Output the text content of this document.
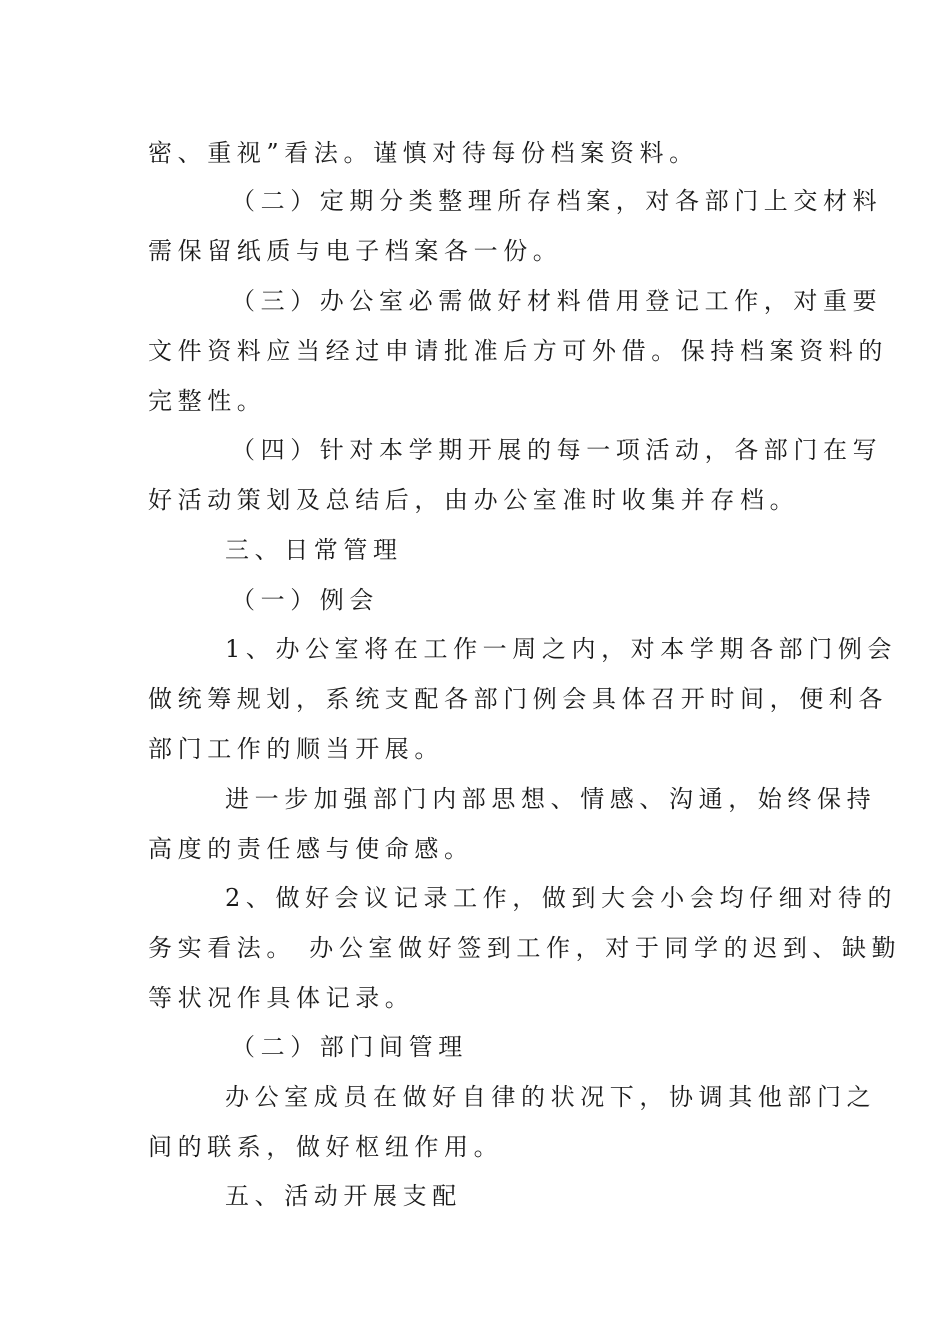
密、重视”看法。谨慎对待每份档案资料。
（二）定期分类整理所存档案，对各部门上交材料
需保留纸质与电子档案各一份。
（三）办公室必需做好材料借用登记工作，对重要
文件资料应当经过申请批准后方可外借。保持档案资料的
完整性。
（四）针对本学期开展的每一项活动，各部门在写
好活动策划及总结后，由办公室准时收集并存档。
三、日常管理
（一）例会
1、办公室将在工作一周之内，对本学期各部门例会
做统筹规划，系统支配各部门例会具体召开时间，便利各
部门工作的顺当开展。
进一步加强部门内部思想、情感、沟通，始终保持
高度的责任感与使命感。
2、做好会议记录工作，做到大会小会均仔细对待的
务实看法。 办公室做好签到工作，对于同学的迟到、缺勤
等状况作具体记录。
（二）部门间管理
办公室成员在做好自律的状况下，协调其他部门之
间的联系，做好枢纽作用。
五、活动开展支配
